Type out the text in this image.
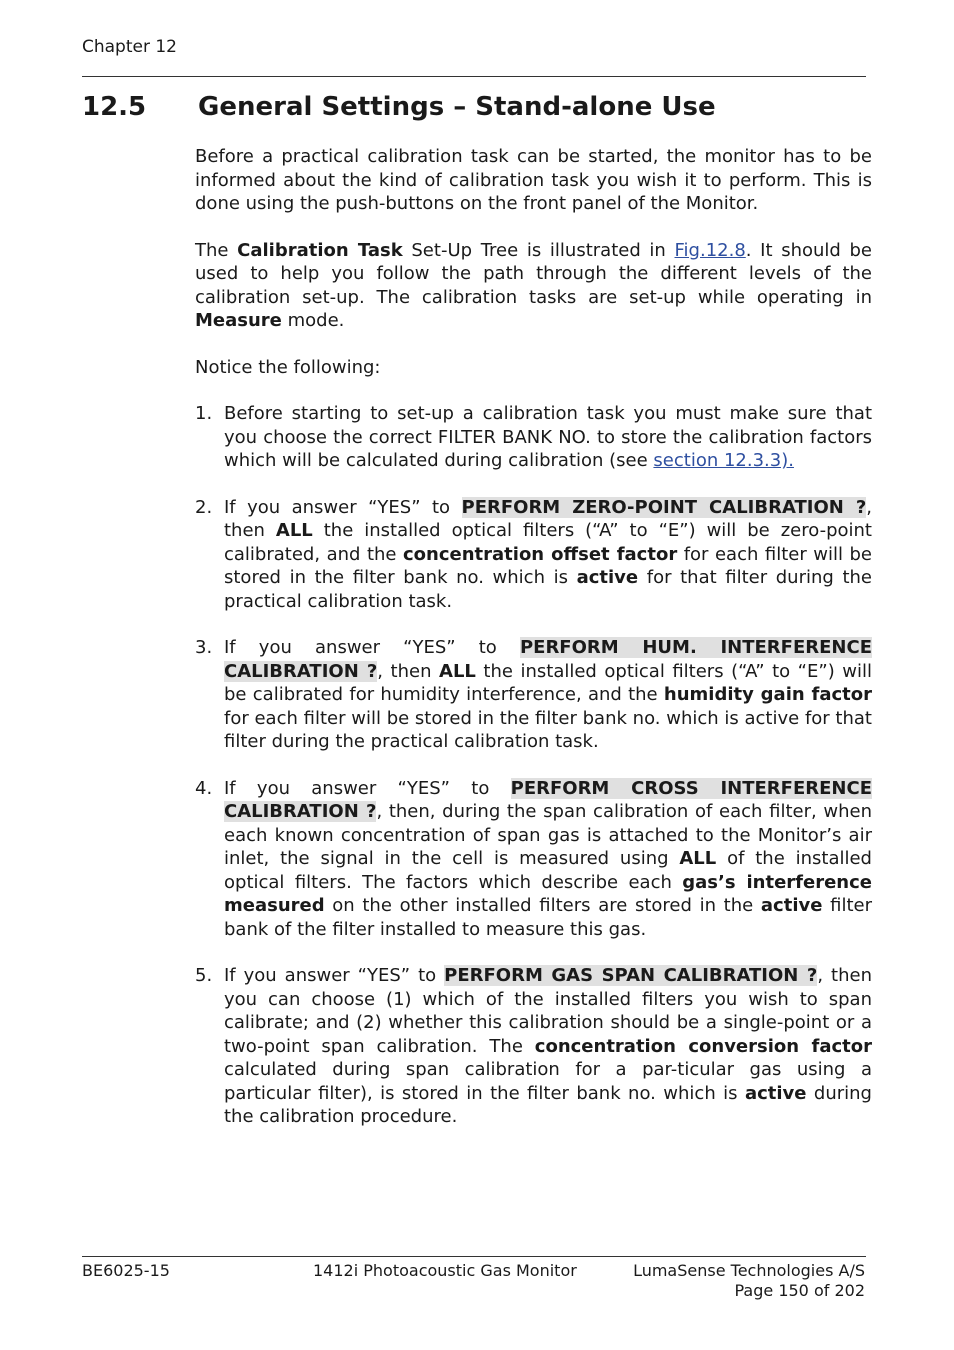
Chapter 12
12.5 General Settings – Stand-alone Use

Before a practical calibration task can be started, the monitor has to be informed about the kind of calibration task you wish it to perform. This is done using the push-buttons on the front panel of the Monitor.

The Calibration Task Set-Up Tree is illustrated in Fig.12.8. It should be used to help you follow the path through the different levels of the calibration set-up. The calibration tasks are set-up while operating in Measure mode.

Notice the following:

1. Before starting to set-up a calibration task you must make sure that you choose the correct FILTER BANK NO. to store the calibration factors which will be calculated during calibration (see section 12.3.3).
2. If you answer “YES” to PERFORM ZERO-POINT CALIBRATION ?, then ALL the installed optical filters (“A” to “E”) will be zero-point calibrated, and the concentration offset factor for each filter will be stored in the filter bank no. which is active for that filter during the practical calibration task.
3. If you answer “YES” to PERFORM HUM. INTERFERENCE CALIBRATION ?, then ALL the installed optical filters (“A” to “E”) will be calibrated for humidity interference, and the humidity gain factor for each filter will be stored in the filter bank no. which is active for that filter during the practical calibration task.
4. If you answer “YES” to PERFORM CROSS INTERFERENCE CALIBRATION ?, then, during the span calibration of each filter, when each known concentration of span gas is attached to the Monitor’s air inlet, the signal in the cell is measured using ALL of the installed optical filters. The factors which describe each gas’s interference measured on the other installed filters are stored in the active filter bank of the filter installed to measure this gas.
5. If you answer “YES” to PERFORM GAS SPAN CALIBRATION ?, then you can choose (1) which of the installed filters you wish to span calibrate; and (2) whether this calibration should be a single-point or a two-point span calibration. The concentration conversion factor calculated during span calibration for a par-ticular gas using a particular filter), is stored in the filter bank no. which is active during the calibration procedure.
BE6025-15	1412i Photoacoustic Gas Monitor	LumaSense Technologies A/S
Page 150 of 202
